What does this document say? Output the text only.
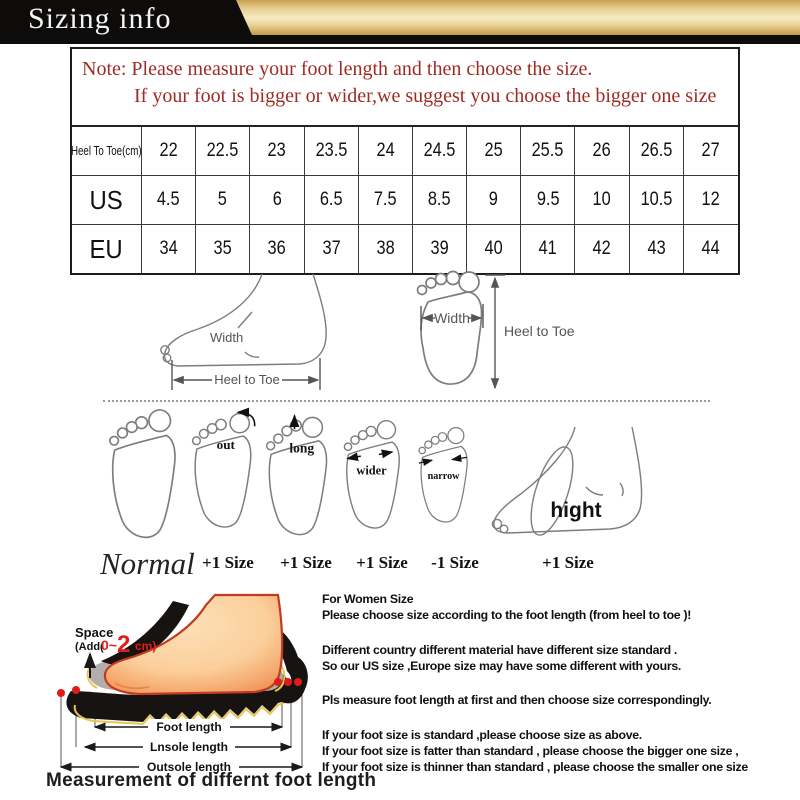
Sizing info
Note: Please measure your foot length and then choose the size.
If your foot is bigger or wider,we suggest you choose the bigger one size
Heel To Toe(cm) 22 22.5 23 23.5 24 24.5 25 25.5 26 26.5 27
US 4.5 5 6 6.5 7.5 8.5 9 9.5 10 10.5 12
EU 34 35 36 37 38 39 40 41 42 43 44
Width
Heel to Toe
Width
Heel to Toe
out	long
wider	narrow
hight
Normal +1 Size +1 Size +1 Size -1 Size	+1 Size
Space
(Add(
0~ 2 cm)
Foot length
Lnsole length
Outsole length
For Women Size
Please choose size according to the foot length (from heel to toe )!
Different country different material have different size standard .
So our US size ,Europe size may have some different with yours.
Pls measure foot length at first and then choose size correspondingly.
If your foot size is standard ,please choose size as above.
If your foot size is fatter than standard , please choose the bigger one size ,
If your foot size is thinner than standard , please choose the smaller one size
Measurement of differnt foot length
